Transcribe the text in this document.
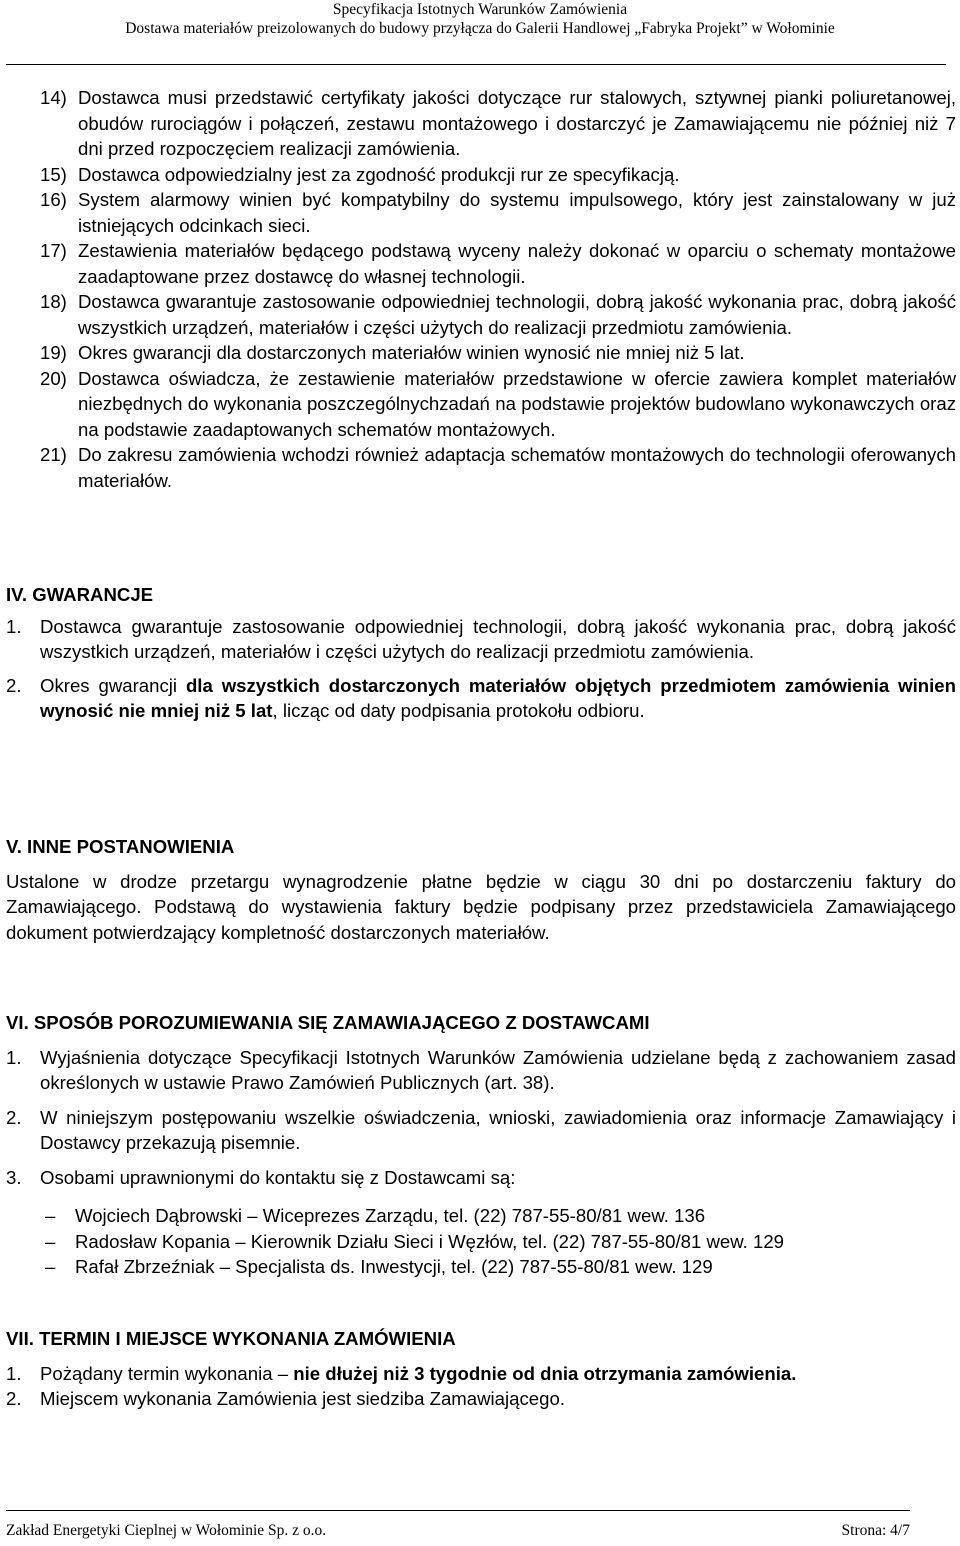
Specyfikacja Istotnych Warunków Zamówienia
Dostawa materiałów preizolowanych do budowy przyłącza do Galerii Handlowej „Fabryka Projekt” w Wołominie
14) Dostawca musi przedstawić certyfikaty jakości dotyczące rur stalowych, sztywnej pianki poliuretanowej, obudów rurociągów i połączeń, zestawu montażowego i dostarczyć je Zamawiającemu nie później niż 7 dni przed rozpoczęciem realizacji zamówienia.
15) Dostawca odpowiedzialny jest za zgodność produkcji rur ze specyfikacją.
16) System alarmowy winien być kompatybilny do systemu impulsowego, który jest zainstalowany w już istniejących odcinkach sieci.
17) Zestawienia materiałów będącego podstawą wyceny należy dokonać w oparciu o schematy montażowe zaadaptowane przez dostawcę do własnej technologii.
18) Dostawca gwarantuje zastosowanie odpowiedniej technologii, dobrą jakość wykonania prac, dobrą jakość wszystkich urządzeń, materiałów i części użytych do realizacji przedmiotu zamówienia.
19) Okres gwarancji dla dostarczonych materiałów winien wynosić nie mniej niż 5 lat.
20) Dostawca oświadcza, że zestawienie materiałów przedstawione w ofercie zawiera komplet materiałów niezbędnych do wykonania poszczególnychzadań na podstawie projektów budowlano wykonawczych oraz na podstawie zaadaptowanych schematów montażowych.
21) Do zakresu zamówienia wchodzi również adaptacja schematów montażowych do technologii oferowanych materiałów.
IV. GWARANCJE
1. Dostawca gwarantuje zastosowanie odpowiedniej technologii, dobrą jakość wykonania prac, dobrą jakość wszystkich urządzeń, materiałów i części użytych do realizacji przedmiotu zamówienia.
2. Okres gwarancji dla wszystkich dostarczonych materiałów objętych przedmiotem zamówienia winien wynosić nie mniej niż 5 lat, licząc od daty podpisania protokołu odbioru.
V. INNE POSTANOWIENIA
Ustalone w drodze przetargu wynagrodzenie płatne będzie w ciągu 30 dni po dostarczeniu faktury do Zamawiającego. Podstawą do wystawienia faktury będzie podpisany przez przedstawiciela Zamawiającego dokument potwierdzający kompletność dostarczonych materiałów.
VI. SPOSÓB POROZUMIEWANIA SIĘ ZAMAWIAJĄCEGO Z DOSTAWCAMI
1. Wyjaśnienia dotyczące Specyfikacji Istotnych Warunków Zamówienia udzielane będą z zachowaniem zasad określonych w ustawie Prawo Zamówień Publicznych (art. 38).
2. W niniejszym postępowaniu wszelkie oświadczenia, wnioski, zawiadomienia oraz informacje Zamawiający i Dostawcy przekazują pisemnie.
3. Osobami uprawnionymi do kontaktu się z Dostawcami są:
– Wojciech Dąbrowski – Wiceprezes Zarządu, tel. (22) 787-55-80/81 wew. 136
– Radosław Kopania – Kierownik Działu Sieci i Węzłów, tel. (22) 787-55-80/81 wew. 129
– Rafał Zbrzeźniak – Specjalista ds. Inwestycji, tel. (22) 787-55-80/81 wew. 129
VII. TERMIN I MIEJSCE WYKONANIA ZAMÓWIENIA
1. Pożądany termin wykonania – nie dłużej niż 3 tygodnie od dnia otrzymania zamówienia.
2. Miejscem wykonania Zamówienia jest siedziba Zamawiającego.
Zakład Energetyki Cieplnej w Wołominie Sp. z o.o.	Strona: 4/7
